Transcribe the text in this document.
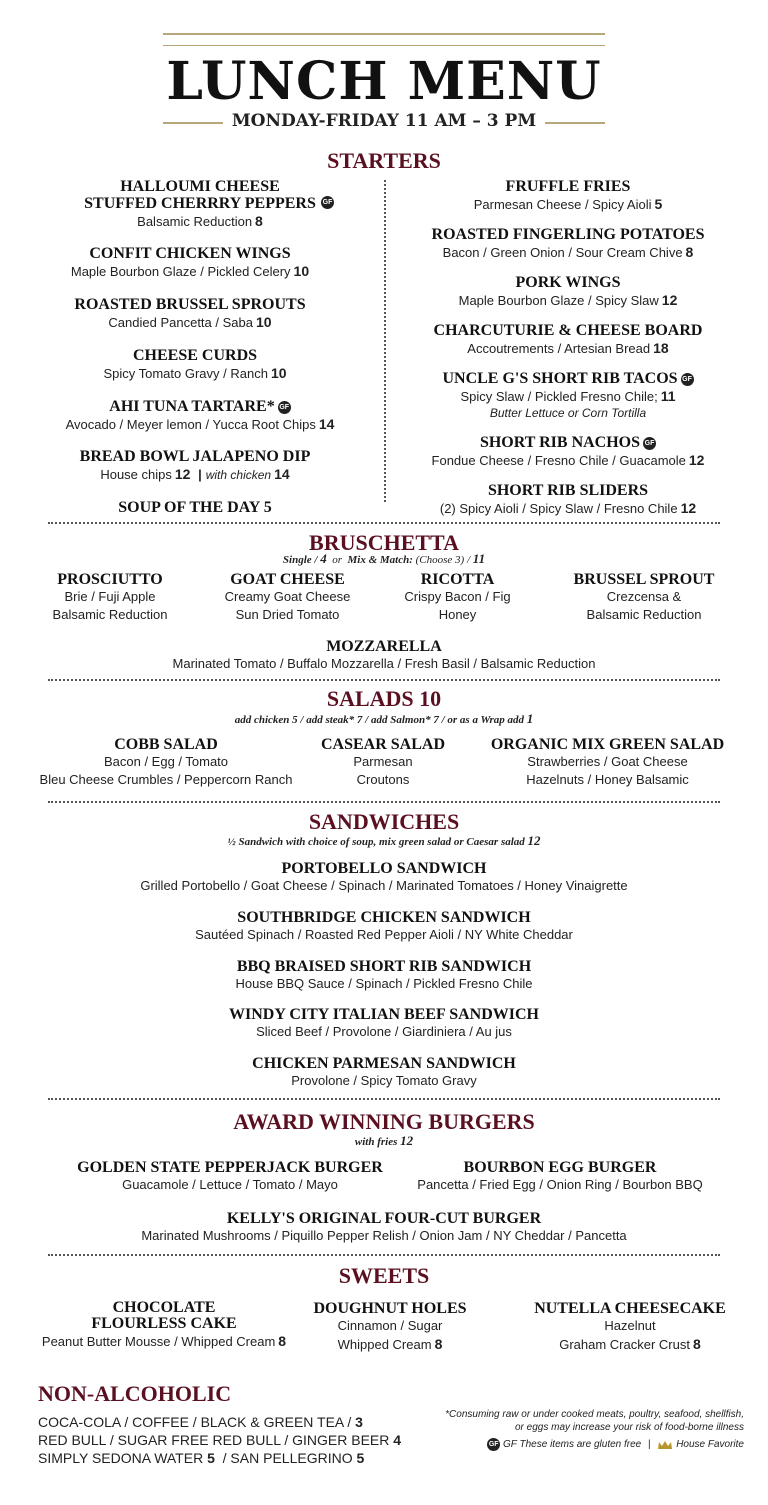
LUNCH MENU
MONDAY-FRIDAY 11 AM – 3 PM
STARTERS
HALLOUMI CHEESE
STUFFED CHERRRY PEPPERS
Balsamic Reduction 8
GF
CONFIT CHICKEN WINGS
Maple Bourbon Glaze / Pickled Celery 10
ROASTED BRUSSEL SPROUTS
Candied Pancetta / Saba 10
CHEESE CURDS
Spicy Tomato Gravy / Ranch 10
AHI TUNA TARTARE* GF
Avocado / Meyer lemon / Yucca Root Chips 14
BREAD BOWL JALAPENO DIP
House chips 12 | with chicken 14
SOUP OF THE DAY 5
FRUFFLE FRIES
Parmesan Cheese / Spicy Aioli 5
ROASTED FINGERLING POTATOES
Bacon / Green Onion / Sour Cream Chive 8
PORK WINGS
Maple Bourbon Glaze / Spicy Slaw 12
CHARCUTURIE & CHEESE BOARD
Accoutrements / Artesian Bread 18
UNCLE G'S SHORT RIB TACOS GF
Spicy Slaw / Pickled Fresno Chile; 11
Butter Lettuce or Corn Tortilla
SHORT RIB NACHOS GF
Fondue Cheese / Fresno Chile / Guacamole 12
SHORT RIB SLIDERS
(2) Spicy Aioli / Spicy Slaw / Fresno Chile 12
BRUSCHETTA
Single / 4 or Mix & Match: (Choose 3) / 11
PROSCIUTTO
Brie / Fuji Apple
Balsamic Reduction
GOAT CHEESE
Creamy Goat Cheese
Sun Dried Tomato
RICOTTA
Crispy Bacon / Fig
Honey
BRUSSEL SPROUT
Crezcensa &
Balsamic Reduction
MOZZARELLA
Marinated Tomato / Buffalo Mozzarella / Fresh Basil / Balsamic Reduction
SALADS 10
add chicken 5 / add steak* 7 / add Salmon* 7 / or as a Wrap add 1
COBB SALAD
Bacon / Egg / Tomato
Bleu Cheese Crumbles / Peppercorn Ranch
CASEAR SALAD
Parmesan
Croutons
ORGANIC MIX GREEN SALAD
Strawberries / Goat Cheese
Hazelnuts / Honey Balsamic
SANDWICHES
½ Sandwich with choice of soup, mix green salad or Caesar salad 12
PORTOBELLO SANDWICH
Grilled Portobello / Goat Cheese / Spinach / Marinated Tomatoes / Honey Vinaigrette
SOUTHBRIDGE CHICKEN SANDWICH
Sautéed Spinach / Roasted Red Pepper Aioli / NY White Cheddar
BBQ BRAISED SHORT RIB SANDWICH
House BBQ Sauce / Spinach / Pickled Fresno Chile
WINDY CITY ITALIAN BEEF SANDWICH
Sliced Beef / Provolone / Giardiniera / Au jus
CHICKEN PARMESAN SANDWICH
Provolone / Spicy Tomato Gravy
AWARD WINNING BURGERS
with fries 12
GOLDEN STATE PEPPERJACK BURGER
Guacamole / Lettuce / Tomato / Mayo
BOURBON EGG BURGER
Pancetta / Fried Egg / Onion Ring / Bourbon BBQ
KELLY'S ORIGINAL FOUR-CUT BURGER
Marinated Mushrooms / Piquillo Pepper Relish / Onion Jam / NY Cheddar / Pancetta
SWEETS
CHOCOLATE
FLOURLESS CAKE
Peanut Butter Mousse / Whipped Cream 8
DOUGHNUT HOLES
Cinnamon / Sugar
Whipped Cream 8
NUTELLA CHEESECAKE
Hazelnut
Graham Cracker Crust 8
NON-ALCOHOLIC
COCA-COLA / COFFEE / BLACK & GREEN TEA / 3
RED BULL / SUGAR FREE RED BULL / GINGER BEER 4
SIMPLY SEDONA WATER 5 / SAN PELLEGRINO 5
*Consuming raw or under cooked meats, poultry, seafood, shellfish,
or eggs may increase your risk of food-borne illness
GF GF These items are gluten free |	House Favorite
